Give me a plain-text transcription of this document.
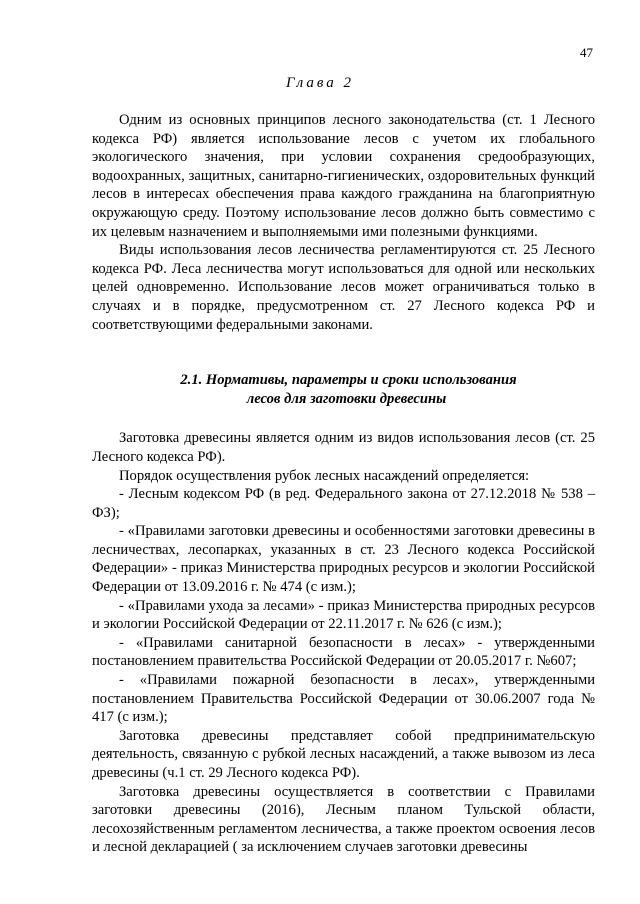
47
Глава 2

Одним из основных принципов лесного законодательства (ст. 1 Лесного кодекса РФ) является использование лесов с учетом их глобального экологического значения, при условии сохранения средообразующих, водоохранных, защитных, санитарно-гигиенических, оздоровительных функций лесов в интересах обеспечения права каждого гражданина на благоприятную окружающую среду. Поэтому использование лесов должно быть совместимо с их целевым назначением и выполняемыми ими полезными функциями.

Виды использования лесов лесничества регламентируются ст. 25 Лесного кодекса РФ. Леса лесничества могут использоваться для одной или нескольких целей одновременно. Использование лесов может ограничиваться только в случаях и в порядке, предусмотренном ст. 27 Лесного кодекса РФ и соответствующими федеральными законами.

2.1. Нормативы, параметры и сроки использования
лесов для заготовки древесины

Заготовка древесины является одним из видов использования лесов (ст. 25 Лесного кодекса РФ).

Порядок осуществления рубок лесных насаждений определяется:

- Лесным кодексом РФ (в ред. Федерального закона от 27.12.2018 № 538 – ФЗ);

- «Правилами заготовки древесины и особенностями заготовки древесины в лесничествах, лесопарках, указанных в ст. 23 Лесного кодекса Российской Федерации» - приказ Министерства природных ресурсов и экологии Российской Федерации от 13.09.2016 г. № 474 (с изм.);

- «Правилами ухода за лесами» - приказ Министерства природных ресурсов и экологии Российской Федерации от 22.11.2017 г. № 626 (с изм.);

- «Правилами санитарной безопасности в лесах» - утвержденными постановлением правительства Российской Федерации от 20.05.2017 г. №607;

- «Правилами пожарной безопасности в лесах», утвержденными постановлением Правительства Российской Федерации от 30.06.2007 года № 417 (с изм.);

Заготовка древесины представляет собой предпринимательскую деятельность, связанную с рубкой лесных насаждений, а также вывозом из леса древесины (ч.1 ст. 29 Лесного кодекса РФ).

Заготовка древесины осуществляется в соответствии с Правилами заготовки древесины (2016), Лесным планом Тульской области, лесохозяйственным регламентом лесничества, а также проектом освоения лесов и лесной декларацией ( за исключением случаев заготовки древесины
